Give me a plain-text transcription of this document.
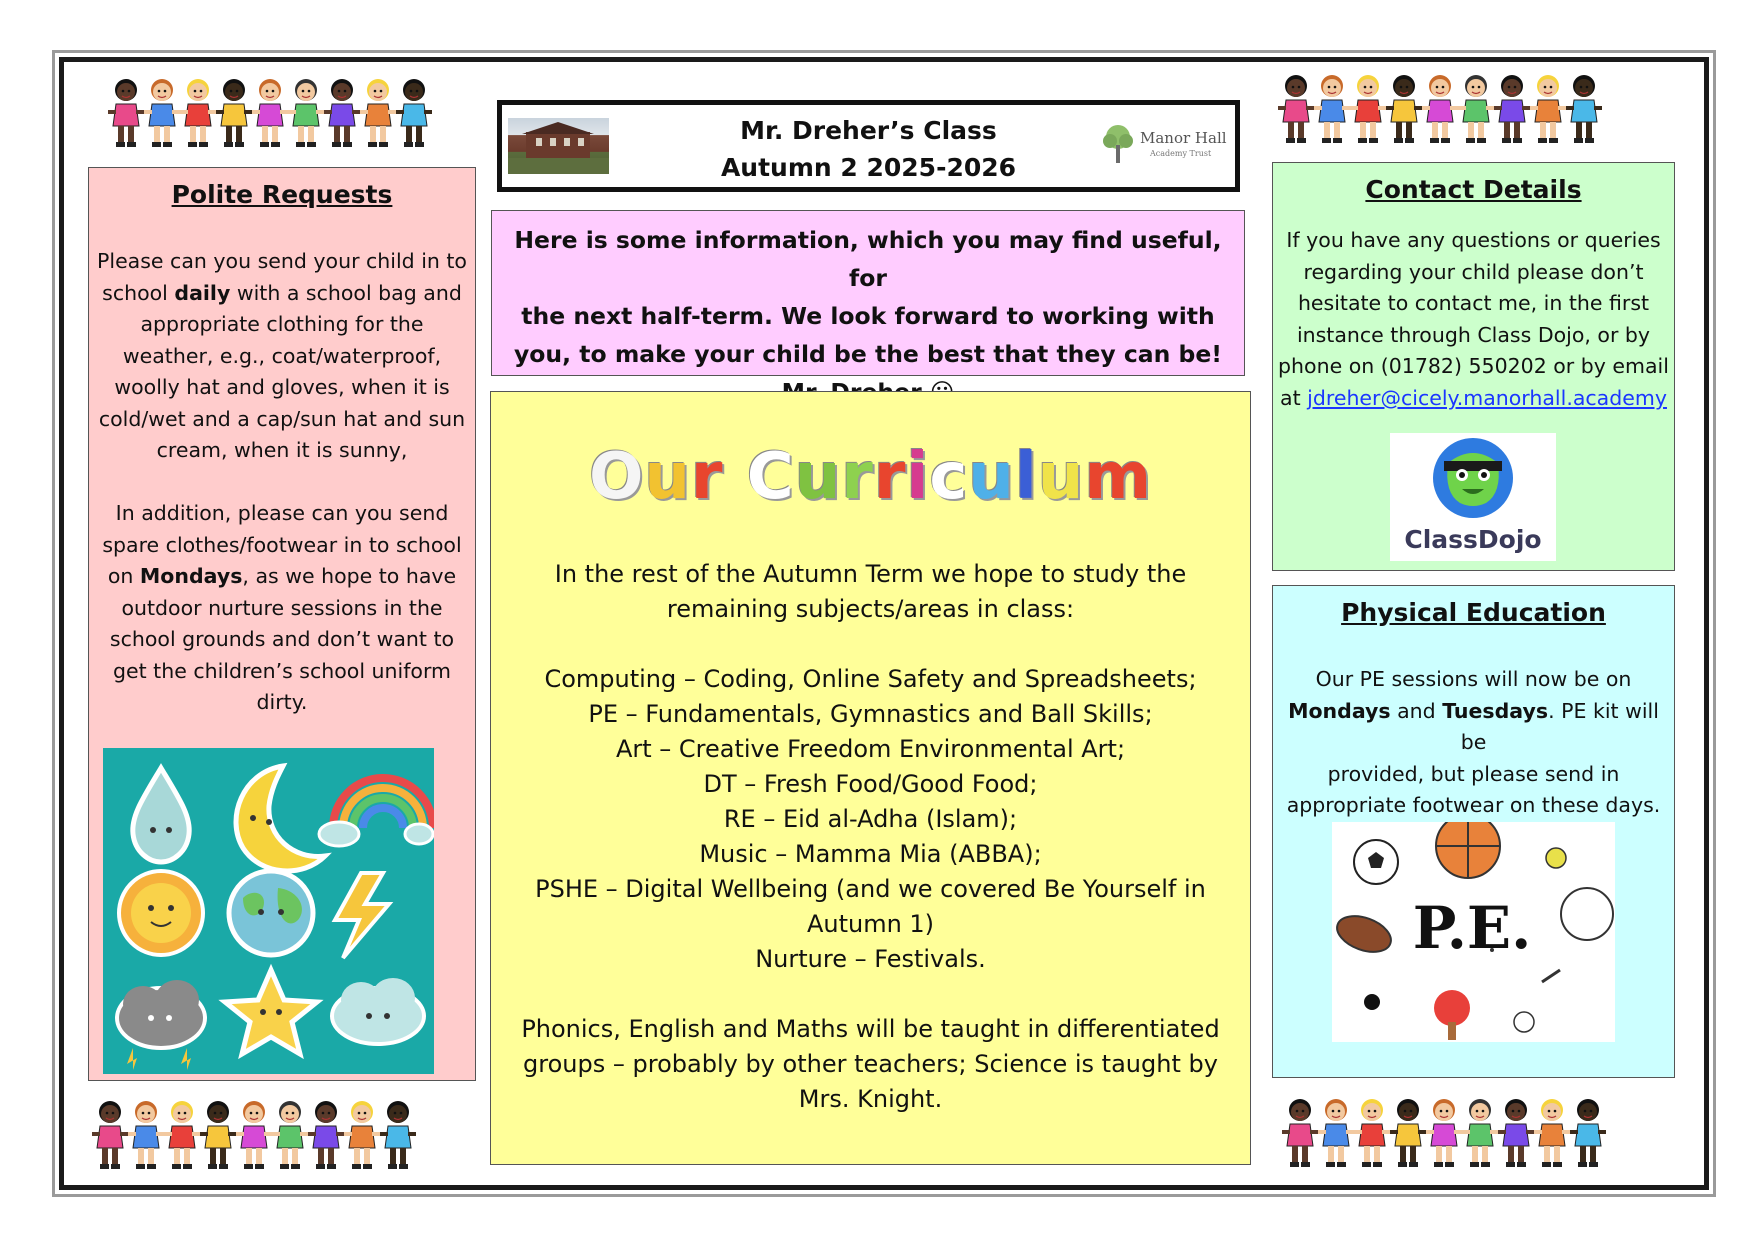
Mr. Dreher’s Class
Autumn 2 2025-2026
Manor Hall
Academy Trust
Here is some information, which you may find useful, for
the next half-term. We look forward to working with
you, to make your child be the best that they can be!
Polite Requests
Please can you send your child in to
school daily with a school bag and
appropriate clothing for the
weather, e.g., coat/waterproof,
woolly hat and gloves, when it is
cold/wet and a cap/sun hat and sun
cream, when it is sunny,
In addition, please can you send
spare clothes/footwear in to school
on Mondays, as we hope to have
outdoor nurture sessions in the
school grounds and don’t want to
get the children’s school uniform
dirty.
Our Curriculum
In the rest of the Autumn Term we hope to study the
remaining subjects/areas in class:
Computing – Coding, Online Safety and Spreadsheets;
PE – Fundamentals, Gymnastics and Ball Skills;
Art – Creative Freedom Environmental Art;
DT – Fresh Food/Good Food;
RE – Eid al-Adha (Islam);
Music – Mamma Mia (ABBA);
PSHE – Digital Wellbeing (and we covered Be Yourself in
Autumn 1)
Nurture – Festivals.
Phonics, English and Maths will be taught in differentiated
groups – probably by other teachers; Science is taught by
Mrs. Knight.
Contact Details
If you have any questions or queries
regarding your child please don’t
hesitate to contact me, in the first
instance through Class Dojo, or by
phone on (01782) 550202 or by email
at jdreher@cicely.manorhall.academy
ClassDojo
Physical Education
Our PE sessions will now be on
Mondays and Tuesdays. PE kit will be
provided, but please send in
appropriate footwear on these days.
P.E.
